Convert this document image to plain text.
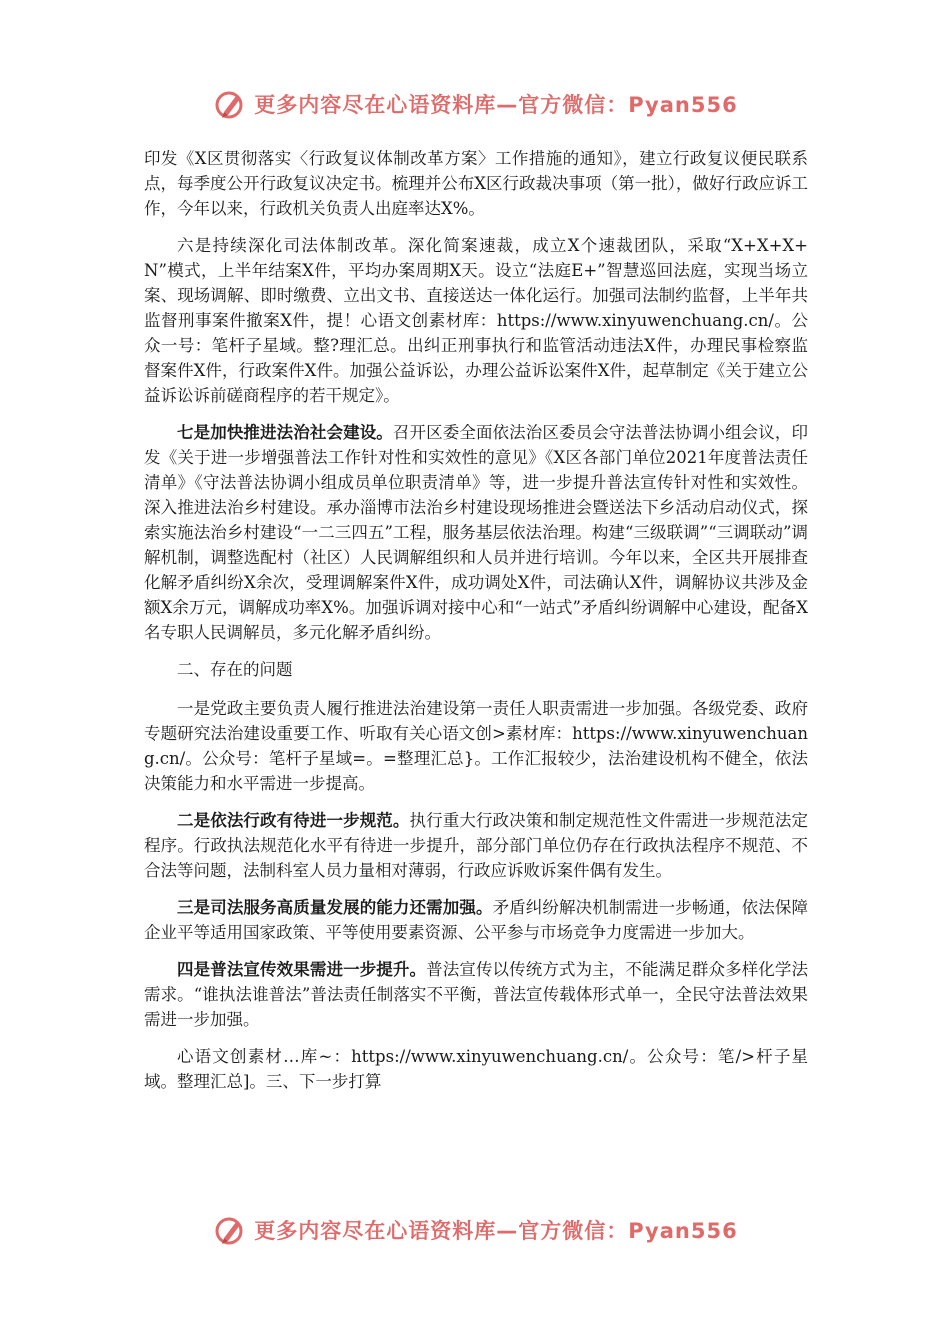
更多内容尽在心语资料库—官方微信：Pyan556

印发《X区贯彻落实〈行政复议体制改革方案〉工作措施的通知》，建立行政复议便民联系点，每季度公开行政复议决定书。梳理并公布X区行政裁决事项（第一批），做好行政应诉工作，今年以来，行政机关负责人出庭率达X%。

六是持续深化司法体制改革。深化简案速裁，成立X个速裁团队，采取“X+X+X+N”模式，上半年结案X件，平均办案周期X天。设立“法庭E+”智慧巡回法庭，实现当场立案、现场调解、即时缴费、立出文书、直接送达一体化运行。加强司法制约监督，上半年共监督刑事案件撤案X件，提！心语文创素材库：https://www.xinyuwenchuang.cn/。公众一号：笔杆子星域。整?理汇总。出纠正刑事执行和监管活动违法X件，办理民事检察监督案件X件，行政案件X件。加强公益诉讼，办理公益诉讼案件X件，起草制定《关于建立公益诉讼诉前磋商程序的若干规定》。

七是加快推进法治社会建设。召开区委全面依法治区委员会守法普法协调小组会议，印发《关于进一步增强普法工作针对性和实效性的意见》《X区各部门单位2021年度普法责任清单》《守法普法协调小组成员单位职责清单》等，进一步提升普法宣传针对性和实效性。深入推进法治乡村建设。承办淄博市法治乡村建设现场推进会暨送法下乡活动启动仪式，探索实施法治乡村建设“一二三四五”工程，服务基层依法治理。构建“三级联调”“三调联动”调解机制，调整选配村（社区）人民调解组织和人员并进行培训。今年以来，全区共开展排查化解矛盾纠纷X余次，受理调解案件X件，成功调处X件，司法确认X件，调解协议共涉及金额X余万元，调解成功率X%。加强诉调对接中心和“一站式”矛盾纠纷调解中心建设，配备X名专职人民调解员，多元化解矛盾纠纷。

二、存在的问题

一是党政主要负责人履行推进法治建设第一责任人职责需进一步加强。各级党委、政府专题研究法治建设重要工作、听取有关心语文创>素材库：https://www.xinyuwenchuang.cn/。公众号：笔杆子星域=。=整理汇总}。工作汇报较少，法治建设机构不健全，依法决策能力和水平需进一步提高。

二是依法行政有待进一步规范。执行重大行政决策和制定规范性文件需进一步规范法定程序。行政执法规范化水平有待进一步提升，部分部门单位仍存在行政执法程序不规范、不合法等问题，法制科室人员力量相对薄弱，行政应诉败诉案件偶有发生。

三是司法服务高质量发展的能力还需加强。矛盾纠纷解决机制需进一步畅通，依法保障企业平等适用国家政策、平等使用要素资源、公平参与市场竞争力度需进一步加大。

四是普法宣传效果需进一步提升。普法宣传以传统方式为主，不能满足群众多样化学法需求。“谁执法谁普法”普法责任制落实不平衡，普法宣传载体形式单一，全民守法普法效果需进一步加强。

心语文创素材…库~：https://www.xinyuwenchuang.cn/。公众号：笔/>杆子星域。整理汇总]。三、下一步打算

更多内容尽在心语资料库—官方微信：Pyan556
